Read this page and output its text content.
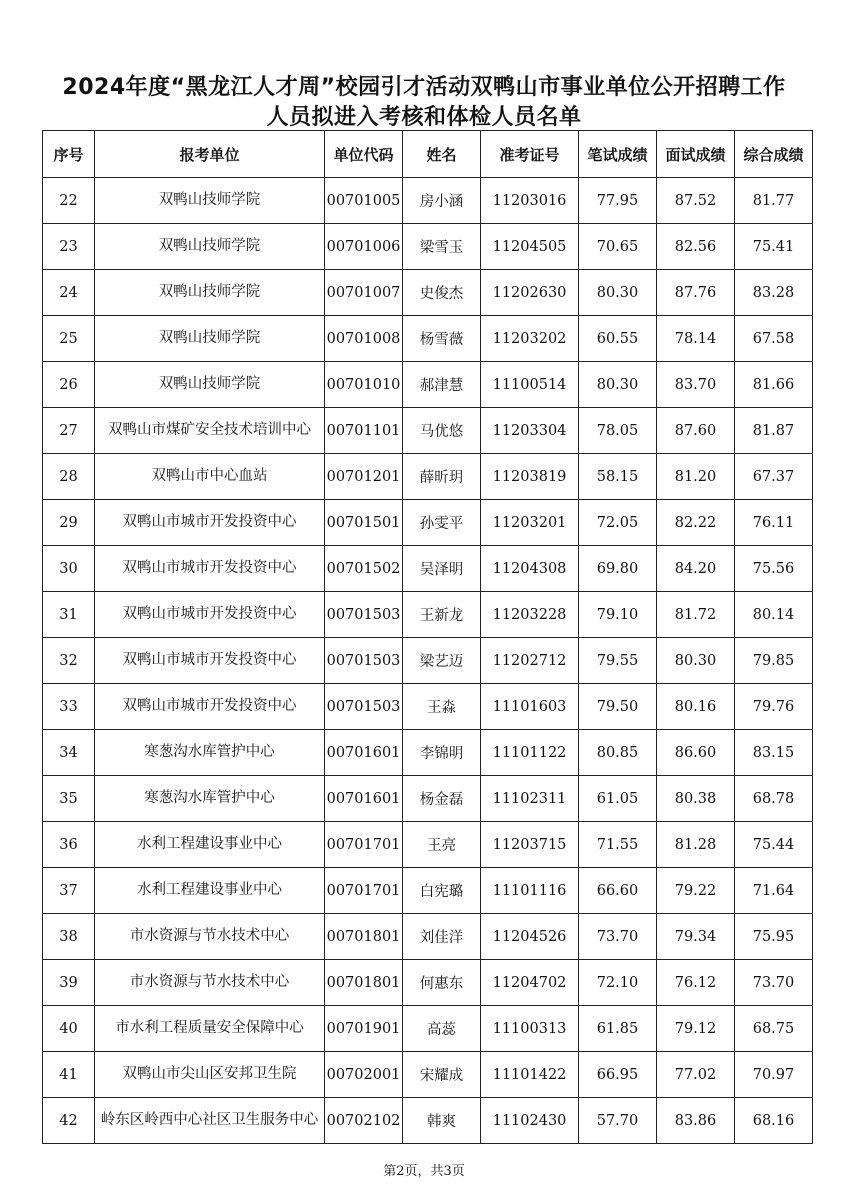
2024年度“黑龙江人才周”校园引才活动双鸭山市事业单位公开招聘工作
人员拟进入考核和体检人员名单
序号	报考单位	单位代码	姓名	准考证号	笔试成绩	面试成绩	综合成绩
22	双鸭山技师学院	00701005	房小涵	11203016	77.95	87.52	81.77
23	双鸭山技师学院	00701006	梁雪玉	11204505	70.65	82.56	75.41
24	双鸭山技师学院	00701007	史俊杰	11202630	80.30	87.76	83.28
25	双鸭山技师学院	00701008	杨雪薇	11203202	60.55	78.14	67.58
26	双鸭山技师学院	00701010	郝津慧	11100514	80.30	83.70	81.66
27	双鸭山市煤矿安全技术培训中心	00701101	马优悠	11203304	78.05	87.60	81.87
28	双鸭山市中心血站	00701201	薛昕玥	11203819	58.15	81.20	67.37
29	双鸭山市城市开发投资中心	00701501	孙雯平	11203201	72.05	82.22	76.11
30	双鸭山市城市开发投资中心	00701502	吴泽明	11204308	69.80	84.20	75.56
31	双鸭山市城市开发投资中心	00701503	王新龙	11203228	79.10	81.72	80.14
32	双鸭山市城市开发投资中心	00701503	梁艺迈	11202712	79.55	80.30	79.85
33	双鸭山市城市开发投资中心	00701503	王淼	11101603	79.50	80.16	79.76
34	寒葱沟水库管护中心	00701601	李锦明	11101122	80.85	86.60	83.15
35	寒葱沟水库管护中心	00701601	杨金磊	11102311	61.05	80.38	68.78
36	水利工程建设事业中心	00701701	王亮	11203715	71.55	81.28	75.44
37	水利工程建设事业中心	00701701	白宪璐	11101116	66.60	79.22	71.64
38	市水资源与节水技术中心	00701801	刘佳洋	11204526	73.70	79.34	75.95
39	市水资源与节水技术中心	00701801	何惠东	11204702	72.10	76.12	73.70
40	市水利工程质量安全保障中心	00701901	高蕊	11100313	61.85	79.12	68.75
41	双鸭山市尖山区安邦卫生院	00702001	宋耀成	11101422	66.95	77.02	70.97
42	岭东区岭西中心社区卫生服务中心	00702102	韩爽	11102430	57.70	83.86	68.16
第2页，共3页
